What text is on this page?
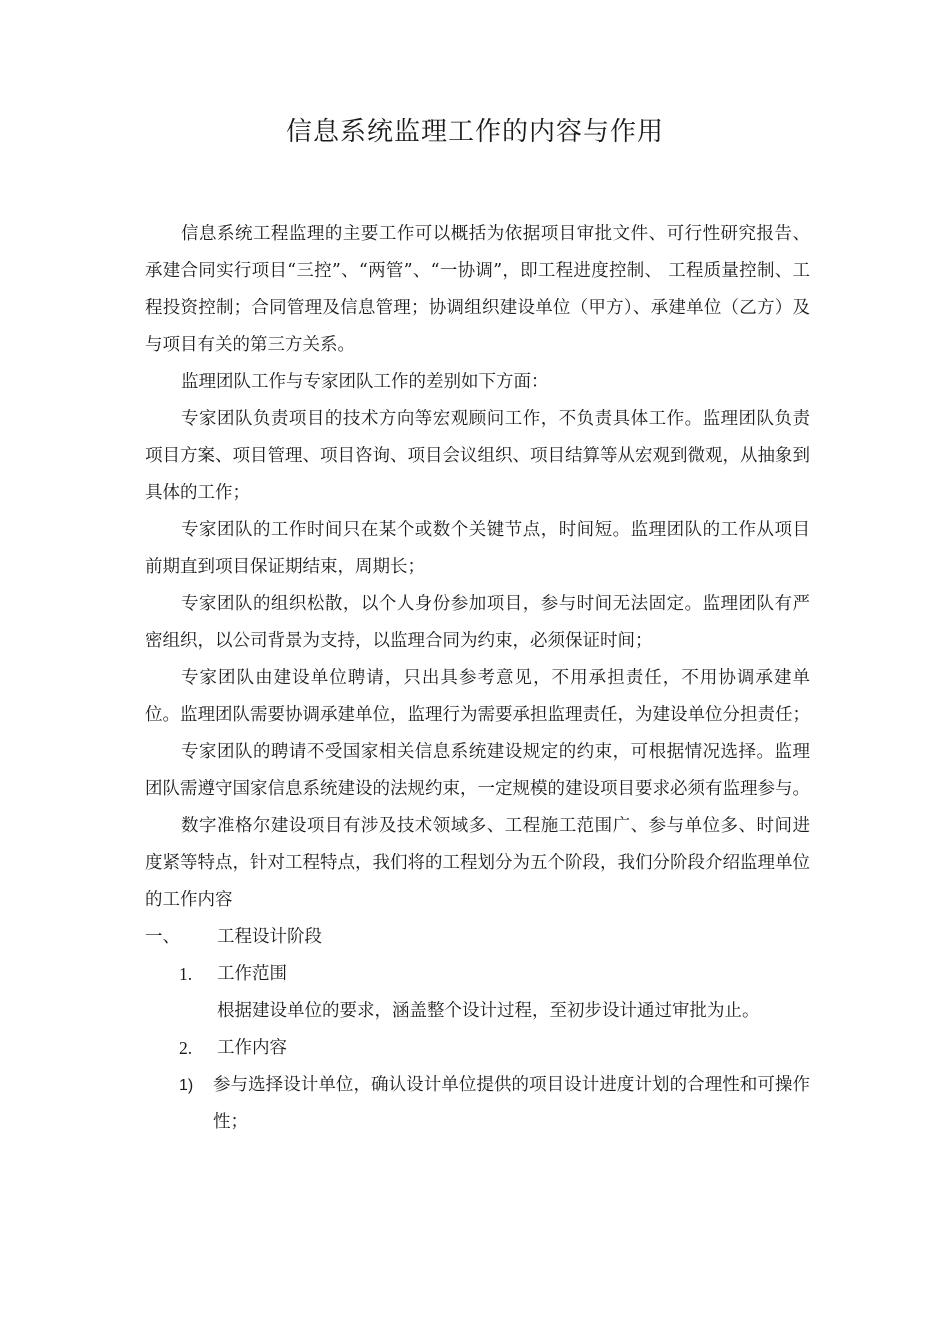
信息系统监理工作的内容与作用

信息系统工程监理的主要工作可以概括为依据项目审批文件、可行性研究报告、承建合同实行项目“三控”、“两管”、“一协调”，即工程进度控制、 工程质量控制、工程投资控制；合同管理及信息管理；协调组织建设单位（甲方）、承建单位（乙方）及与项目有关的第三方关系。

监理团队工作与专家团队工作的差别如下方面：

专家团队负责项目的技术方向等宏观顾问工作，不负责具体工作。监理团队负责项目方案、项目管理、项目咨询、项目会议组织、项目结算等从宏观到微观，从抽象到具体的工作；

专家团队的工作时间只在某个或数个关键节点，时间短。监理团队的工作从项目前期直到项目保证期结束，周期长；

专家团队的组织松散，以个人身份参加项目，参与时间无法固定。监理团队有严密组织，以公司背景为支持，以监理合同为约束，必须保证时间；

专家团队由建设单位聘请，只出具参考意见，不用承担责任，不用协调承建单位。监理团队需要协调承建单位，监理行为需要承担监理责任，为建设单位分担责任；

专家团队的聘请不受国家相关信息系统建设规定的约束，可根据情况选择。监理团队需遵守国家信息系统建设的法规约束，一定规模的建设项目要求必须有监理参与。

数字准格尔建设项目有涉及技术领域多、工程施工范围广、参与单位多、时间进度紧等特点，针对工程特点，我们将的工程划分为五个阶段，我们分阶段介绍监理单位的工作内容

一、	工程设计阶段
1.	工作范围

根据建设单位的要求，涵盖整个设计过程，至初步设计通过审批为止。

2.	工作内容
1)	参与选择设计单位，确认设计单位提供的项目设计进度计划的合理性和可操作性；
